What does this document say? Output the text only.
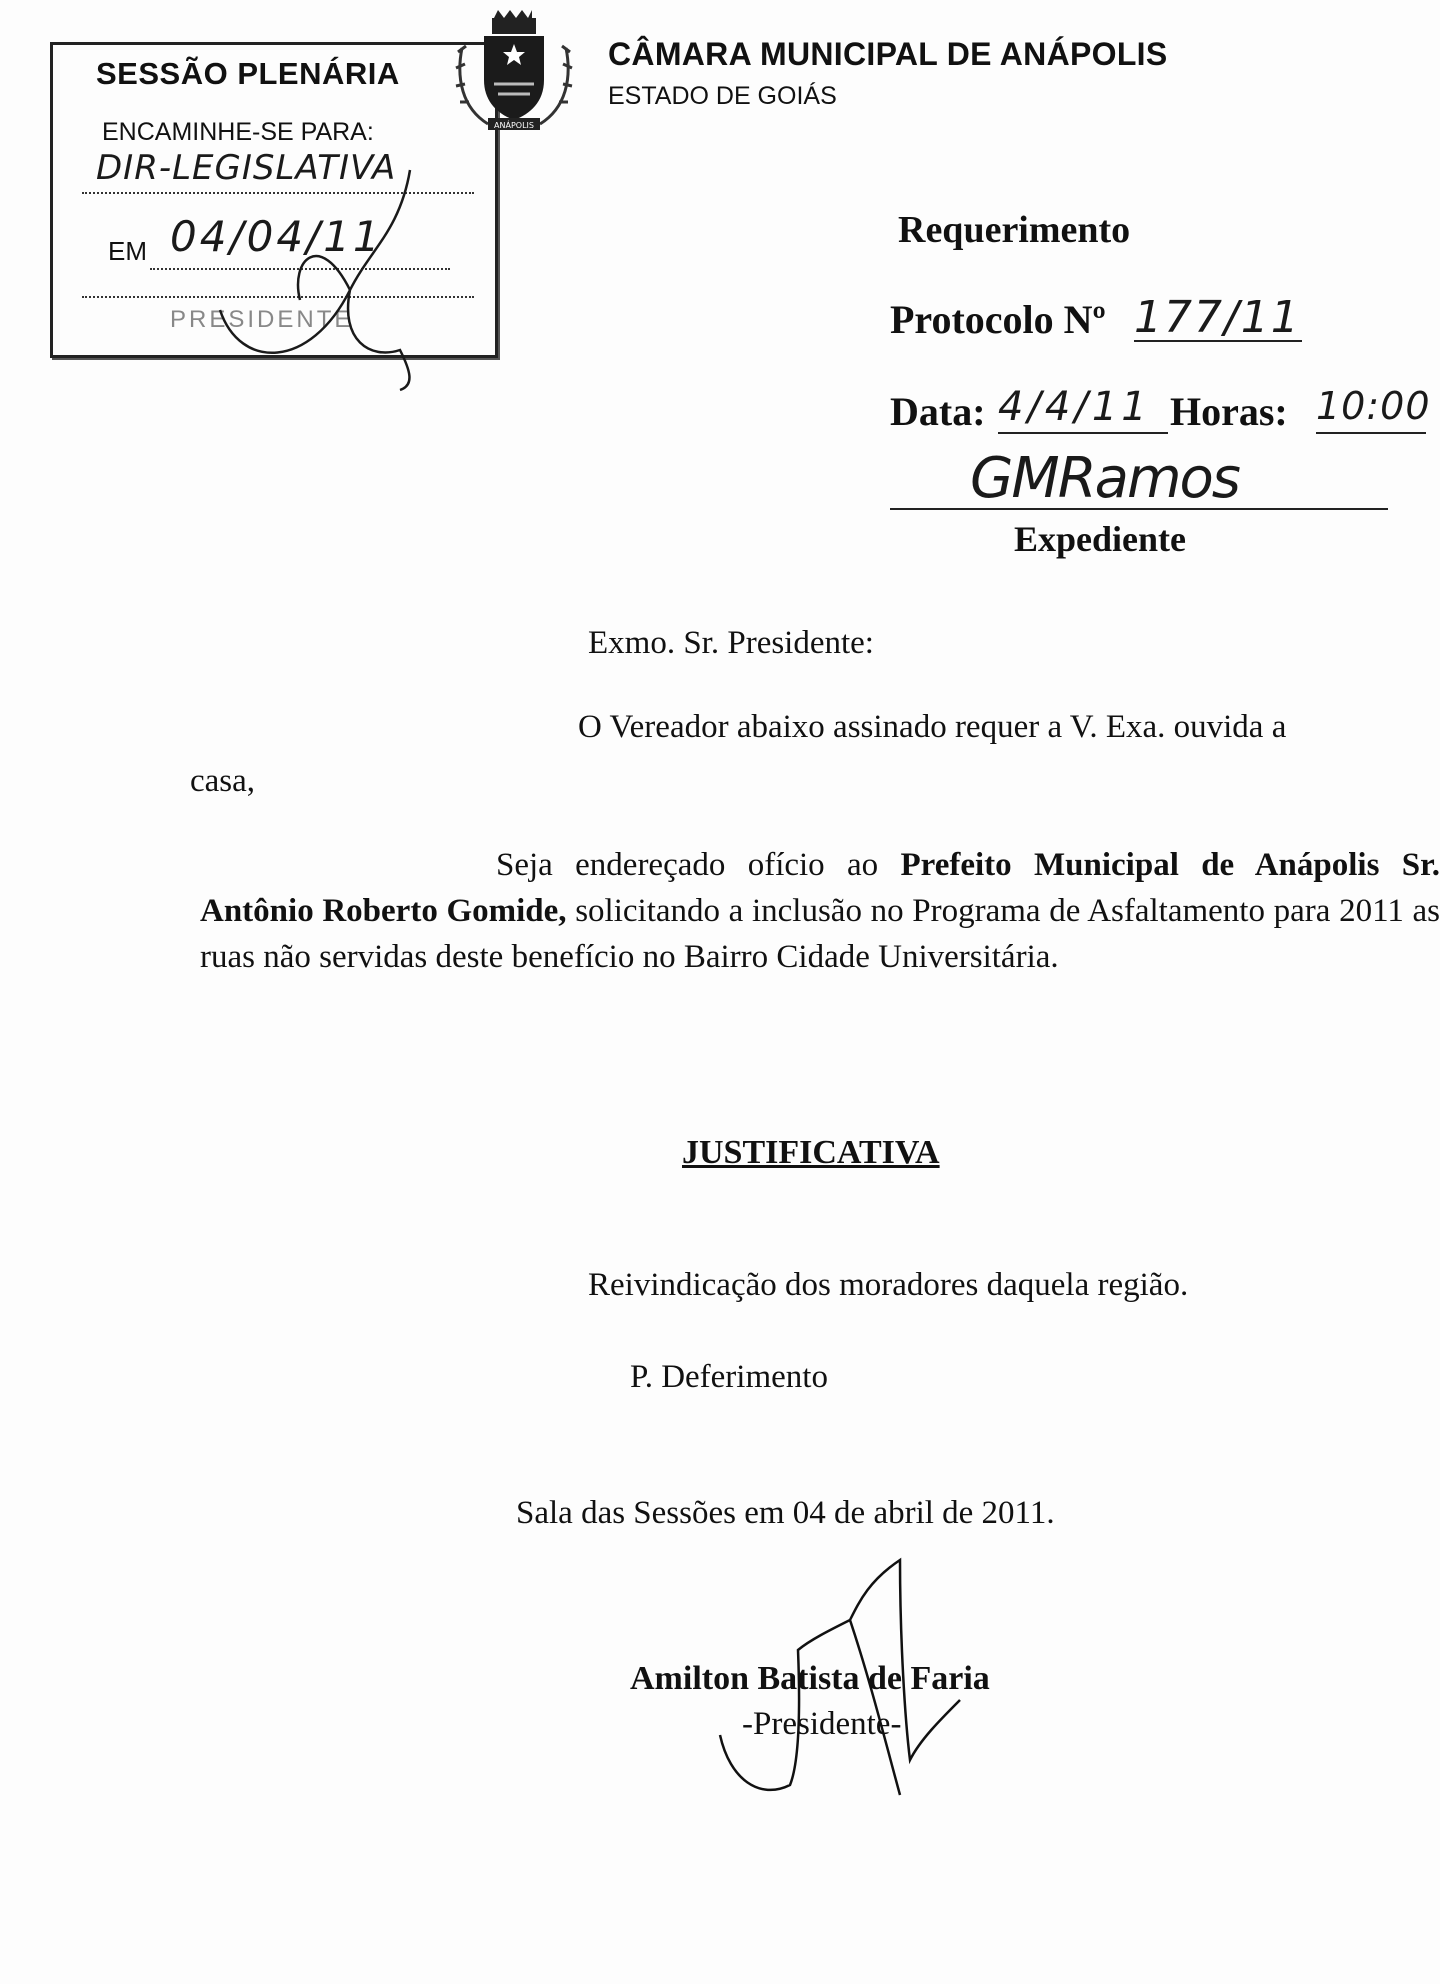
SESSÃO PLENÁRIA
ENCAMINHE-SE PARA:
DIR-LEGISLATIVA
EM 04/04/11
PRESIDENTE
ANÁPOLIS
CÂMARA MUNICIPAL DE ANÁPOLIS
ESTADO DE GOIÁS
Requerimento
Protocolo Nº 177/11
Data: 4/4/11 Horas: 10:00
GMRamos
Expediente
Exmo. Sr. Presidente:
O Vereador abaixo assinado requer a V. Exa. ouvida a
casa,
Seja endereçado ofício ao Prefeito Municipal de Anápolis Sr. Antônio Roberto Gomide, solicitando a inclusão no Programa de Asfaltamento para 2011 as ruas não servidas deste benefício no Bairro Cidade Universitária.
JUSTIFICATIVA
Reivindicação dos moradores daquela região.
P. Deferimento
Sala das Sessões em 04 de abril de 2011.
Amilton Batista de Faria
-Presidente-
